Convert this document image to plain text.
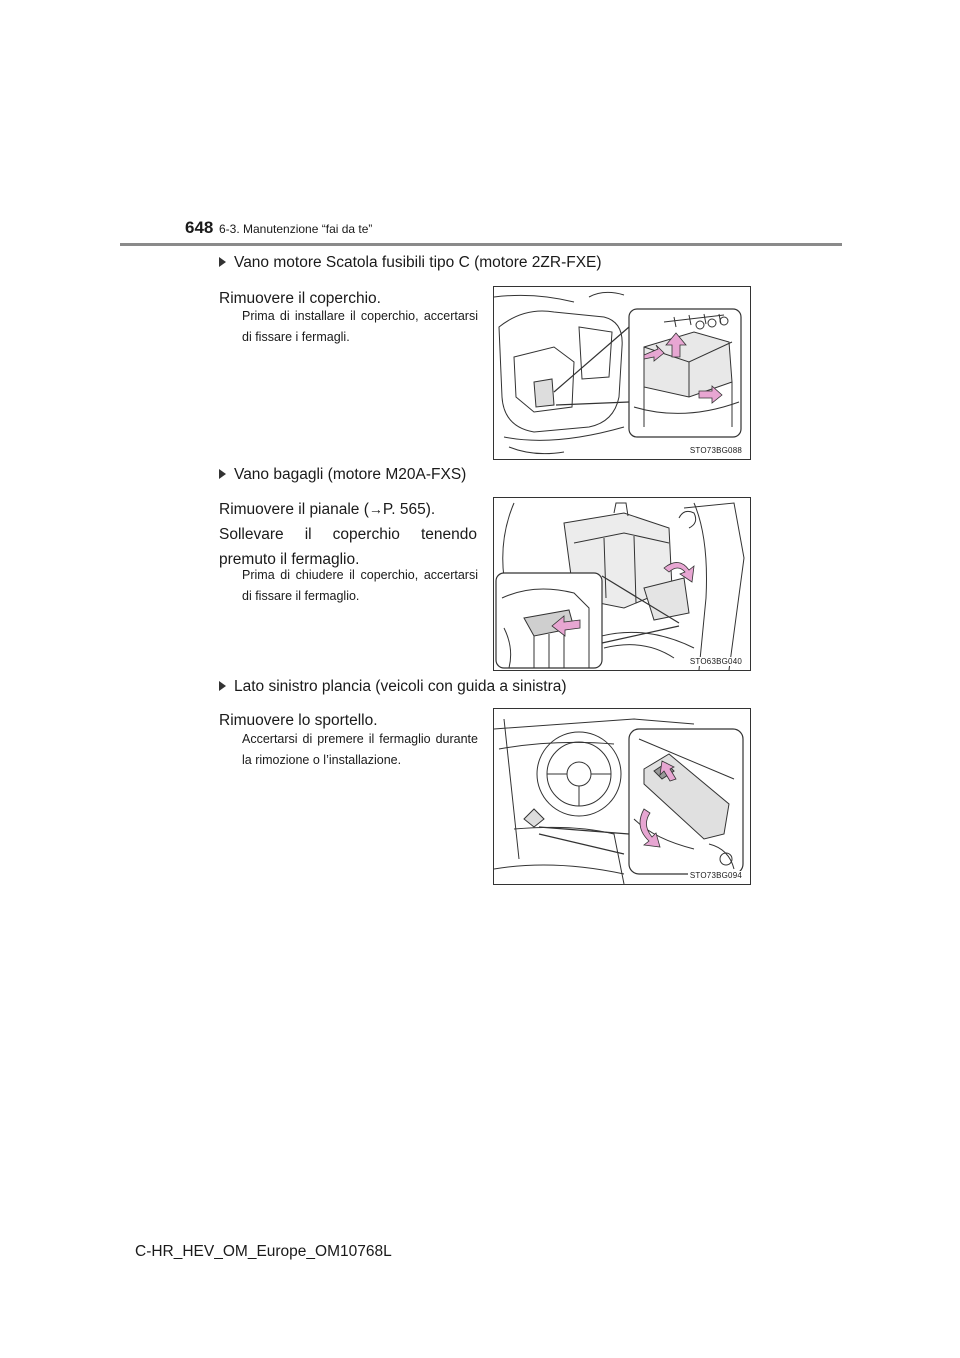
648 6-3. Manutenzione “fai da te”
Vano motore Scatola fusibili tipo C (motore 2ZR-FXE)
Rimuovere il coperchio.
Prima di installare il coperchio, accertarsi di fissare i fermagli.
STO73BG088
Vano bagagli (motore M20A-FXS)
Rimuovere il pianale (→P. 565).
Sollevare il coperchio tenendo premuto il fermaglio.
Prima di chiudere il coperchio, accertarsi di fissare il fermaglio.
STO63BG040
Lato sinistro plancia (veicoli con guida a sinistra)
Rimuovere lo sportello.
Accertarsi di premere il fermaglio durante la rimozione o l’installazione.
STO73BG094
C-HR_HEV_OM_Europe_OM10768L
